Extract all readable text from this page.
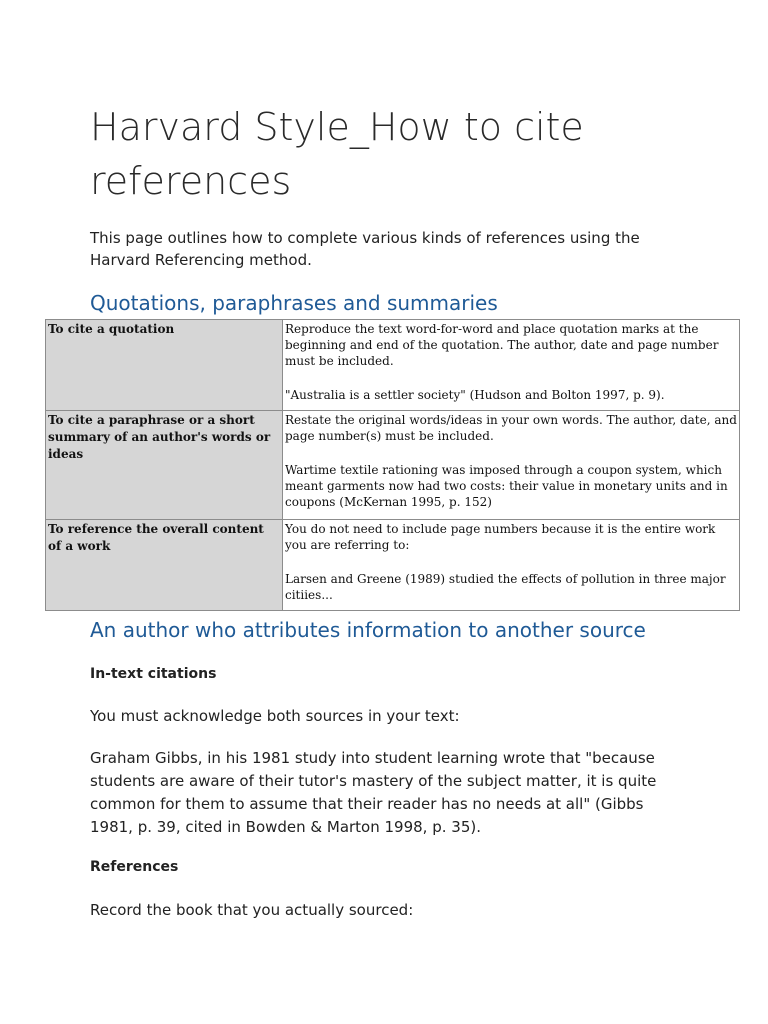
Harvard Style_How to cite references

This page outlines how to complete various kinds of references using the Harvard Referencing method.

Quotations, paraphrases and summaries
To cite a quotation	Reproduce the text word-for-word and place quotation marks at the beginning and end of the quotation. The author, date and page number must be included.

"Australia is a settler society" (Hudson and Bolton 1997, p. 9).

To cite a paraphrase or a short summary of an author's words or ideas	Restate the original words/ideas in your own words. The author, date, and page number(s) must be included.

Wartime textile rationing was imposed through a coupon system, which meant garments now had two costs: their value in monetary units and in coupons (McKernan 1995, p. 152)

To reference the overall content of a work	You do not need to include page numbers because it is the entire work you are referring to:

Larsen and Greene (1989) studied the effects of pollution in three major citiies...

An author who attributes information to another source
In-text citations

You must acknowledge both sources in your text:

Graham Gibbs, in his 1981 study into student learning wrote that "because students are aware of their tutor's mastery of the subject matter, it is quite common for them to assume that their reader has no needs at all" (Gibbs 1981, p. 39, cited in Bowden & Marton 1998, p. 35).

References

Record the book that you actually sourced:
